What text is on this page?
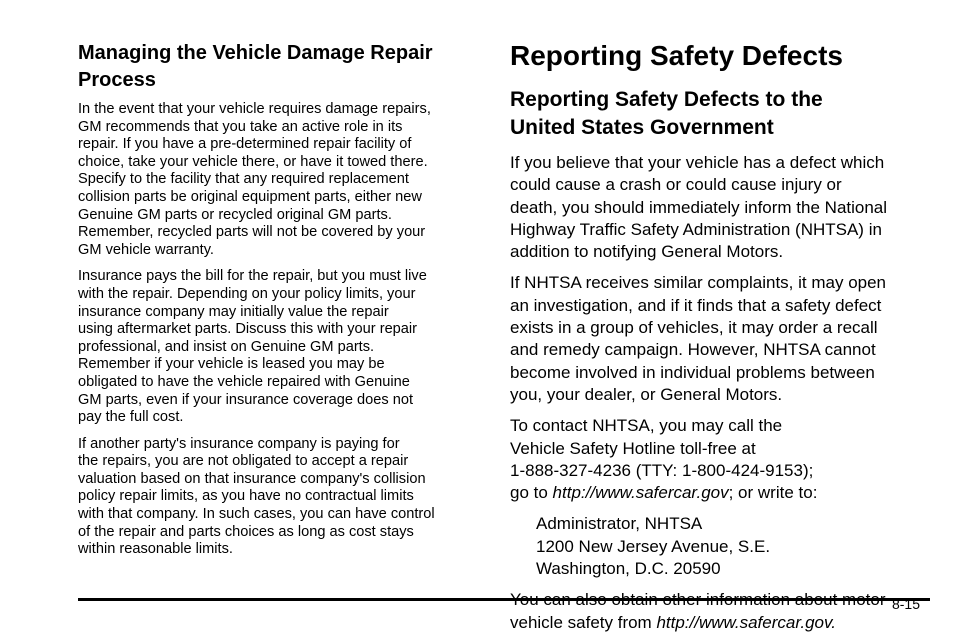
Managing the Vehicle Damage Repair
Process

In the event that your vehicle requires damage repairs,
GM recommends that you take an active role in its
repair. If you have a pre-determined repair facility of
choice, take your vehicle there, or have it towed there.
Specify to the facility that any required replacement
collision parts be original equipment parts, either new
Genuine GM parts or recycled original GM parts.
Remember, recycled parts will not be covered by your
GM vehicle warranty.

Insurance pays the bill for the repair, but you must live
with the repair. Depending on your policy limits, your
insurance company may initially value the repair
using aftermarket parts. Discuss this with your repair
professional, and insist on Genuine GM parts.
Remember if your vehicle is leased you may be
obligated to have the vehicle repaired with Genuine
GM parts, even if your insurance coverage does not
pay the full cost.

If another party's insurance company is paying for
the repairs, you are not obligated to accept a repair
valuation based on that insurance company's collision
policy repair limits, as you have no contractual limits
with that company. In such cases, you can have control
of the repair and parts choices as long as cost stays
within reasonable limits.

Reporting Safety Defects
Reporting Safety Defects to the
United States Government

If you believe that your vehicle has a defect which
could cause a crash or could cause injury or
death, you should immediately inform the National
Highway Traffic Safety Administration (NHTSA) in
addition to notifying General Motors.

If NHTSA receives similar complaints, it may open
an investigation, and if it finds that a safety defect
exists in a group of vehicles, it may order a recall
and remedy campaign. However, NHTSA cannot
become involved in individual problems between
you, your dealer, or General Motors.

To contact NHTSA, you may call the
Vehicle Safety Hotline toll-free at
1-888-327-4236 (TTY: 1-800-424-9153);
go to http://www.safercar.gov; or write to:

Administrator, NHTSA
1200 New Jersey Avenue, S.E.
Washington, D.C. 20590

vehicle safety from http://www.safercar.gov.

8-15
